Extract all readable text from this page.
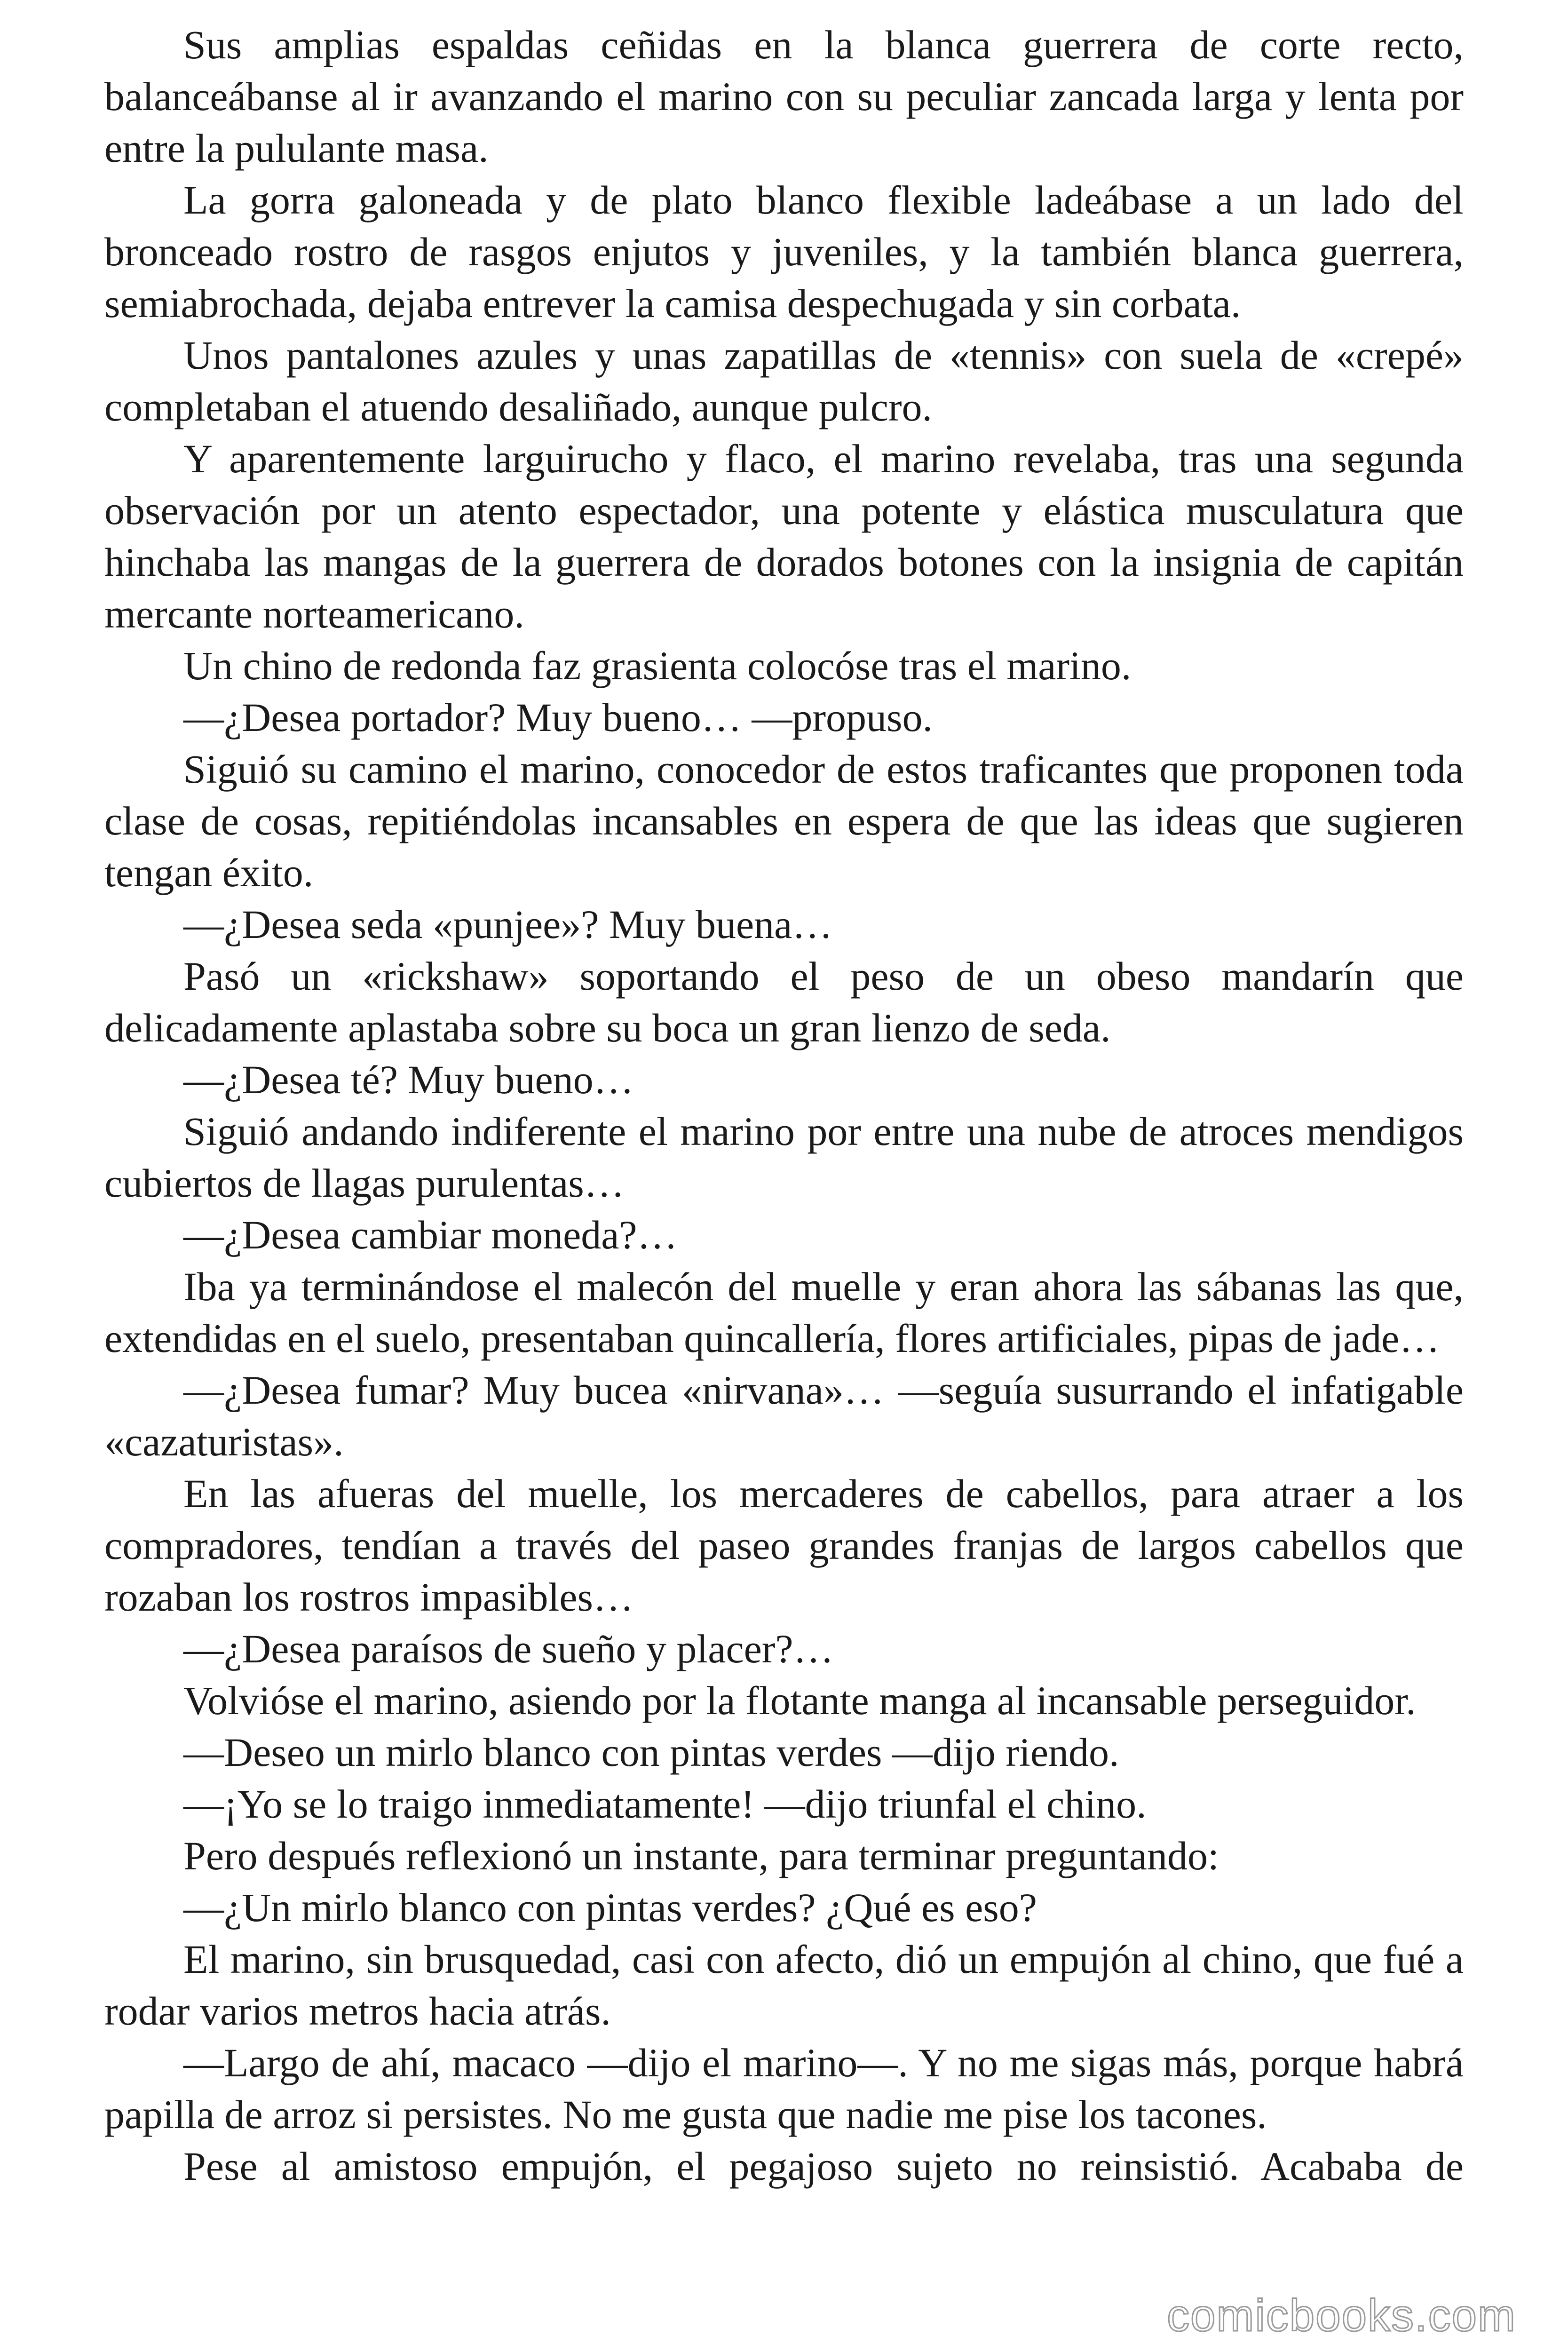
Sus amplias espaldas ceñidas en la blanca guerrera de corte recto, balanceábanse al ir avanzando el marino con su peculiar zancada larga y lenta por entre la pululante masa.

La gorra galoneada y de plato blanco flexible ladeábase a un lado del bronceado rostro de rasgos enjutos y juveniles, y la también blanca guerrera, semiabrochada, dejaba entrever la camisa despechugada y sin corbata.

Unos pantalones azules y unas zapatillas de «tennis» con suela de «crepé» completaban el atuendo desaliñado, aunque pulcro.

Y aparentemente larguirucho y flaco, el marino revelaba, tras una segunda observación por un atento espectador, una potente y elástica musculatura que hinchaba las mangas de la guerrera de dorados botones con la insignia de capitán mercante norteamericano.

Un chino de redonda faz grasienta colocóse tras el marino.

—¿Desea portador? Muy bueno… —propuso.

Siguió su camino el marino, conocedor de estos traficantes que proponen toda clase de cosas, repitiéndolas incansables en espera de que las ideas que sugieren tengan éxito.

—¿Desea seda «punjee»? Muy buena…

Pasó un «rickshaw» soportando el peso de un obeso mandarín que delicadamente aplastaba sobre su boca un gran lienzo de seda.

—¿Desea té? Muy bueno…

Siguió andando indiferente el marino por entre una nube de atroces mendigos cubiertos de llagas purulentas…

—¿Desea cambiar moneda?…

Iba ya terminándose el malecón del muelle y eran ahora las sábanas las que, extendidas en el suelo, presentaban quincallería, flores artificiales, pipas de jade…

—¿Desea fumar? Muy bucea «nirvana»… —seguía susurrando el infatigable «cazaturistas».

En las afueras del muelle, los mercaderes de cabellos, para atraer a los compradores, tendían a través del paseo grandes franjas de largos cabellos que rozaban los rostros impasibles…

—¿Desea paraísos de sueño y placer?…

Volvióse el marino, asiendo por la flotante manga al incansable perseguidor.

—Deseo un mirlo blanco con pintas verdes —dijo riendo.

—¡Yo se lo traigo inmediatamente! —dijo triunfal el chino.

Pero después reflexionó un instante, para terminar preguntando:

—¿Un mirlo blanco con pintas verdes? ¿Qué es eso?

El marino, sin brusquedad, casi con afecto, dió un empujón al chino, que fué a rodar varios metros hacia atrás.

—Largo de ahí, macaco —dijo el marino—. Y no me sigas más, porque habrá papilla de arroz si persistes. No me gusta que nadie me pise los tacones.

Pese al amistoso empujón, el pegajoso sujeto no reinsistió. Acababa de

comicbooks.com
